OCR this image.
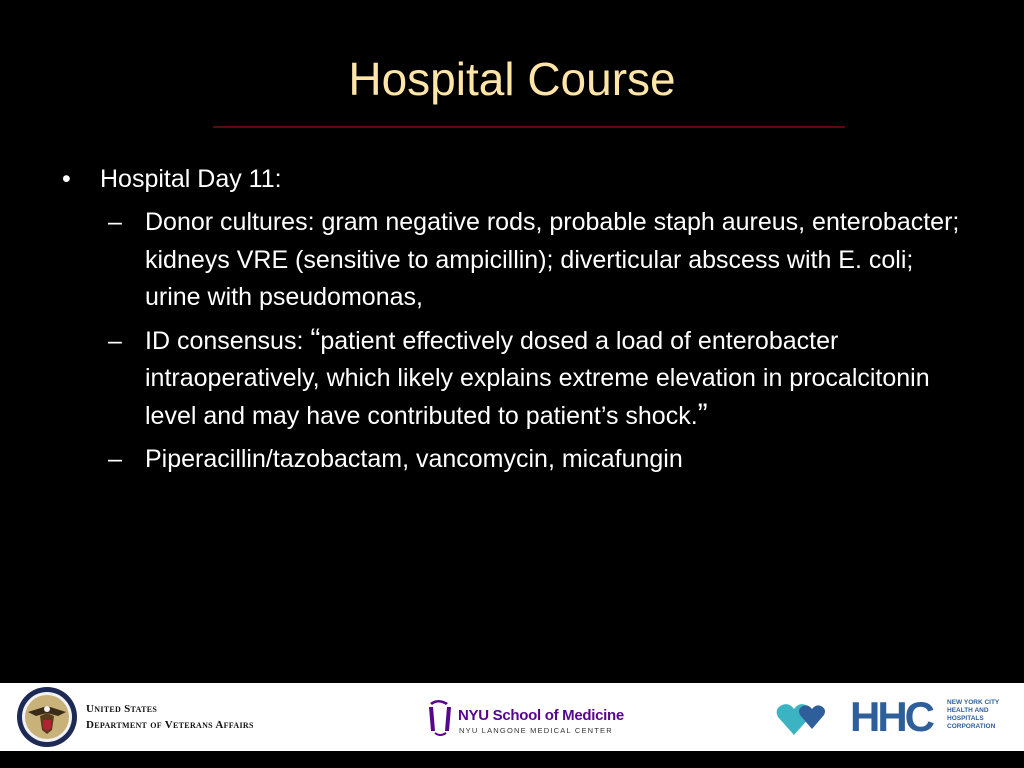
Hospital Course
• Hospital Day 11:
– Donor cultures: gram negative rods, probable staph aureus, enterobacter; kidneys VRE (sensitive to ampicillin); diverticular abscess with E. coli; urine with pseudomonas,
– ID consensus: “patient effectively dosed a load of enterobacter intraoperatively, which likely explains extreme elevation in procalcitonin level and may have contributed to patient’s shock.”
– Piperacillin/tazobactam, vancomycin, micafungin
United States
Department of Veterans Affairs
NYU School of Medicine
NYU LANGONE MEDICAL CENTER	HHC	NEW YORK CITY HEALTH AND HOSPITALS CORPORATION
